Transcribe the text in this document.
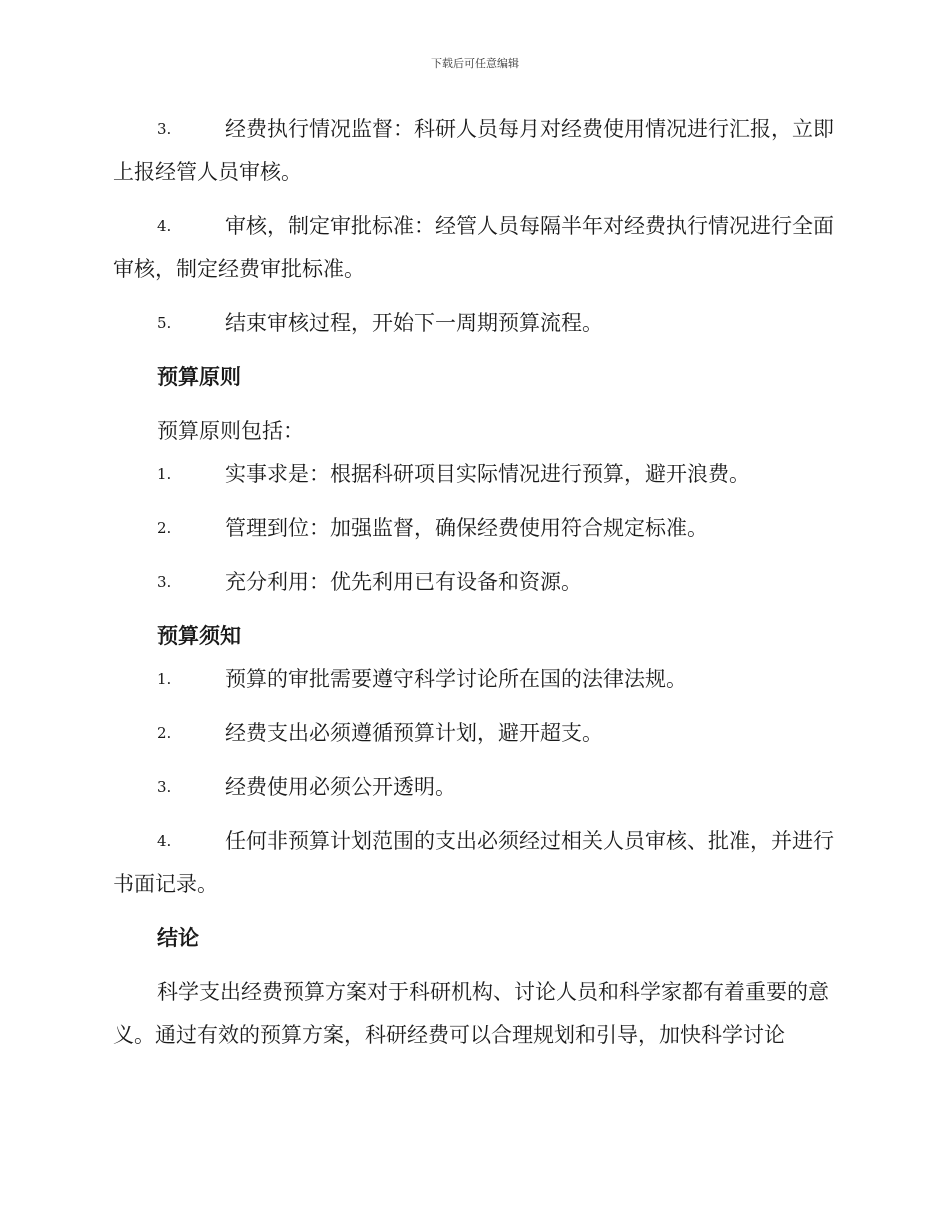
下载后可任意编辑

3.	经费执行情况监督：科研人员每月对经费使用情况进行汇报，立即上报经管人员审核。

4.	审核，制定审批标准：经管人员每隔半年对经费执行情况进行全面审核，制定经费审批标准。

5.	结束审核过程，开始下一周期预算流程。

预算原则

预算原则包括：

1.	实事求是：根据科研项目实际情况进行预算，避开浪费。

2.	管理到位：加强监督，确保经费使用符合规定标准。

3.	充分利用：优先利用已有设备和资源。

预算须知

1.	预算的审批需要遵守科学讨论所在国的法律法规。

2.	经费支出必须遵循预算计划，避开超支。

3.	经费使用必须公开透明。

4.	任何非预算计划范围的支出必须经过相关人员审核、批准，并进行书面记录。

结论

科学支出经费预算方案对于科研机构、讨论人员和科学家都有着重要的意义。通过有效的预算方案，科研经费可以合理规划和引导，加快科学讨论
